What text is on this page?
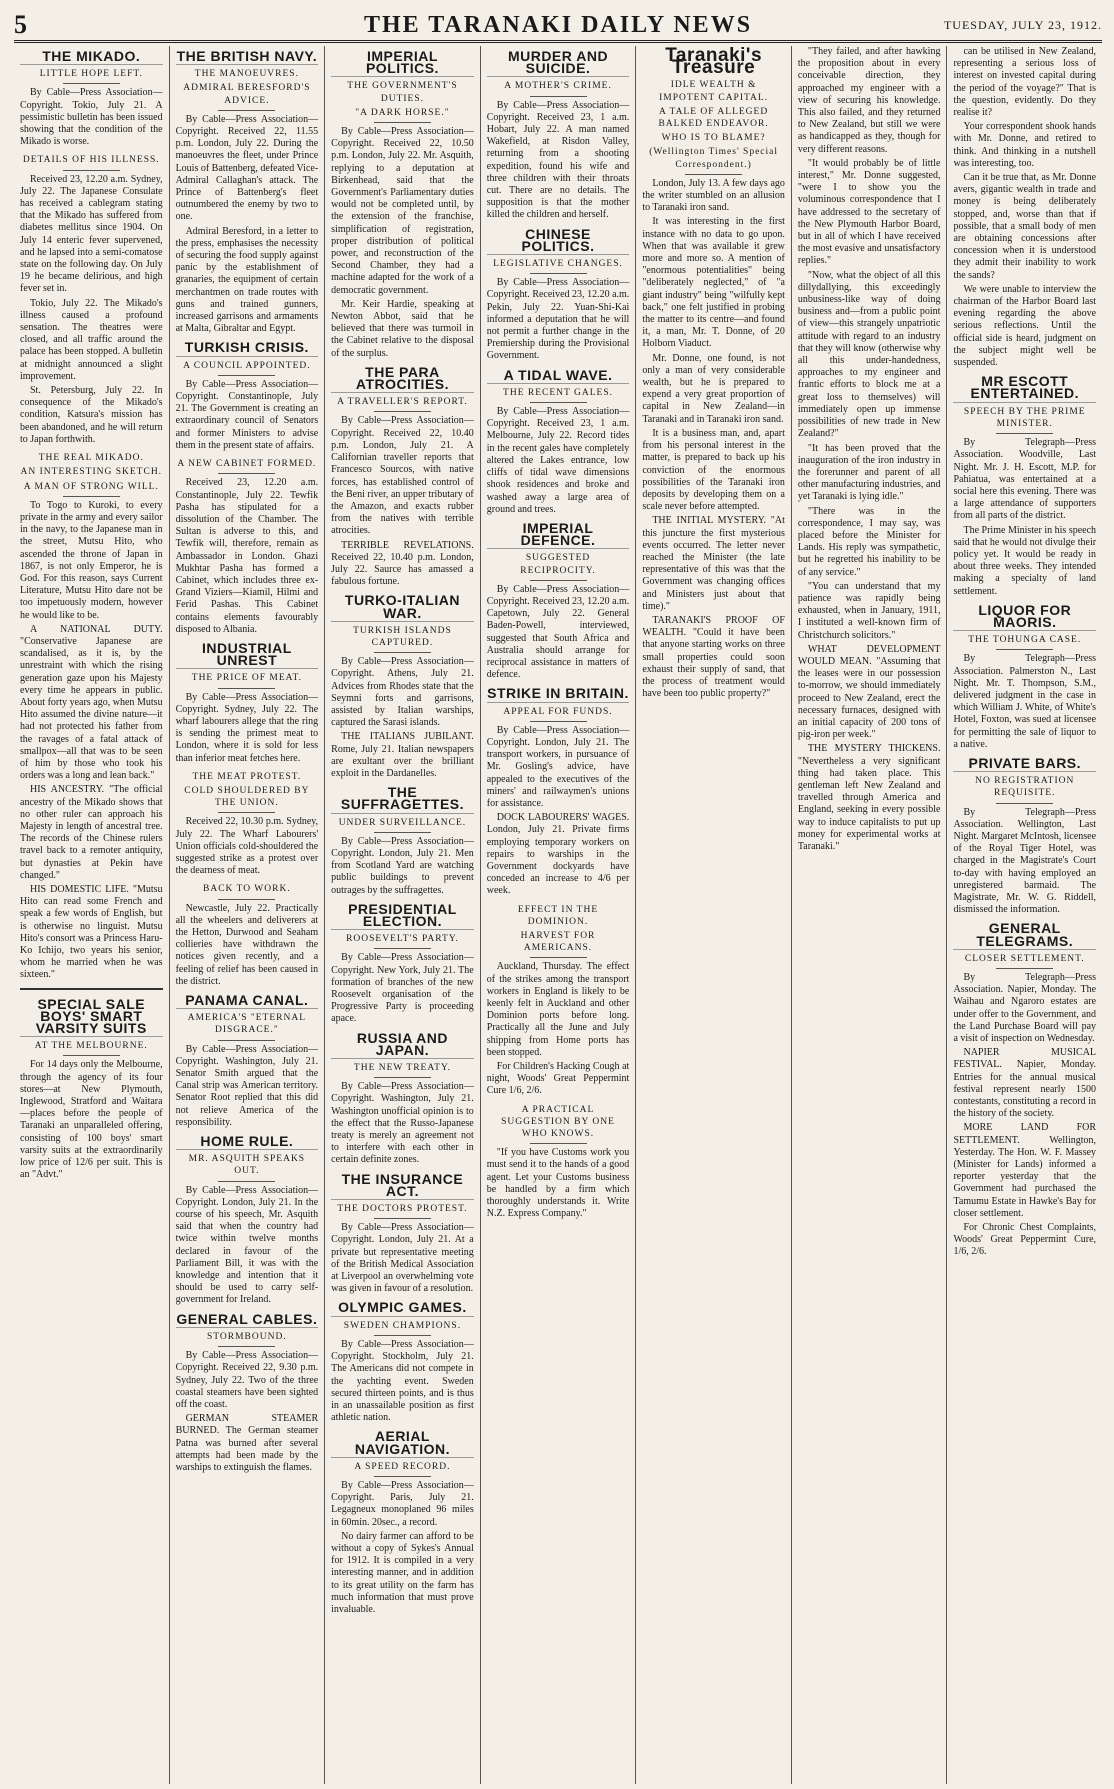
5	THE TARANAKI DAILY NEWS	TUESDAY, JULY 23, 1912.
THE MIKADO.
LITTLE HOPE LEFT.

By Cable—Press Association—Copyright. Tokio, July 21. A pessimistic bulletin has been issued showing that the condition of the Mikado is worse.

DETAILS OF HIS ILLNESS.

Received 23, 12.20 a.m. Sydney, July 22. The Japanese Consulate has received a cablegram stating that the Mikado has suffered from diabetes mellitus since 1904. On July 14 enteric fever supervened, and he lapsed into a semi-comatose state on the following day. On July 19 he became delirious, and high fever set in.

Tokio, July 22. The Mikado's illness caused a profound sensation. The theatres were closed, and all traffic around the palace has been stopped. A bulletin at midnight announced a slight improvement.

St. Petersburg, July 22. In consequence of the Mikado's condition, Katsura's mission has been abandoned, and he will return to Japan forthwith.

THE REAL MIKADO.
AN INTERESTING SKETCH.
A MAN OF STRONG WILL.

To Togo to Kuroki, to every private in the army and every sailor in the navy, to the Japanese man in the street, Mutsu Hito, who ascended the throne of Japan in 1867, is not only Emperor, he is God. For this reason, says Current Literature, Mutsu Hito dare not be too impetuously modern, however he would like to be.

A NATIONAL DUTY. "Conservative Japanese are scandalised, as it is, by the unrestraint with which the rising generation gaze upon his Majesty every time he appears in public. About forty years ago, when Mutsu Hito assumed the divine nature—it had not protected his father from the ravages of a fatal attack of smallpox—all that was to be seen of him by those who took his orders was a long and lean back."

HIS ANCESTRY. "The official ancestry of the Mikado shows that no other ruler can approach his Majesty in length of ancestral tree. The records of the Chinese rulers travel back to a remoter antiquity, but dynasties at Pekin have changed."

HIS DOMESTIC LIFE. "Mutsu Hito can read some French and speak a few words of English, but is otherwise no linguist. Mutsu Hito's consort was a Princess Haru-Ko Ichijo, two years his senior, whom he married when he was sixteen."

SPECIAL SALE BOYS' SMART VARSITY SUITS
AT THE MELBOURNE.

For 14 days only the Melbourne, through the agency of its four stores—at New Plymouth, Inglewood, Stratford and Waitara—places before the people of Taranaki an unparalleled offering, consisting of 100 boys' smart varsity suits at the extraordinarily low price of 12/6 per suit. This is an "Advt."

THE BRITISH NAVY.
THE MANOEUVRES.
ADMIRAL BERESFORD'S ADVICE.

By Cable—Press Association—Copyright. Received 22, 11.55 p.m. London, July 22. During the manoeuvres the fleet, under Prince Louis of Battenberg, defeated Vice-Admiral Callaghan's attack. The Prince of Battenberg's fleet outnumbered the enemy by two to one.

Admiral Beresford, in a letter to the press, emphasises the necessity of securing the food supply against panic by the establishment of granaries, the equipment of certain merchantmen on trade routes with guns and trained gunners, increased garrisons and armaments at Malta, Gibraltar and Egypt.

TURKISH CRISIS.
A COUNCIL APPOINTED.

By Cable—Press Association—Copyright. Constantinople, July 21. The Government is creating an extraordinary council of Senators and former Ministers to advise them in the present state of affairs.

A NEW CABINET FORMED.

Received 23, 12.20 a.m. Constantinople, July 22. Tewfik Pasha has stipulated for a dissolution of the Chamber. The Sultan is adverse to this, and Tewfik will, therefore, remain as Ambassador in London. Ghazi Mukhtar Pasha has formed a Cabinet, which includes three ex-Grand Viziers—Kiamil, Hilmi and Ferid Pashas. This Cabinet contains elements favourably disposed to Albania.

INDUSTRIAL UNREST
THE PRICE OF MEAT.

By Cable—Press Association—Copyright. Sydney, July 22. The wharf labourers allege that the ring is sending the primest meat to London, where it is sold for less than inferior meat fetches here.

THE MEAT PROTEST.
COLD SHOULDERED BY THE UNION.

Received 22, 10.30 p.m. Sydney, July 22. The Wharf Labourers' Union officials cold-shouldered the suggested strike as a protest over the dearness of meat.

BACK TO WORK.

Newcastle, July 22. Practically all the wheelers and deliverers at the Hetton, Durwood and Seaham collieries have withdrawn the notices given recently, and a feeling of relief has been caused in the district.

PANAMA CANAL.
AMERICA'S "ETERNAL DISGRACE."

By Cable—Press Association—Copyright. Washington, July 21. Senator Smith argued that the Canal strip was American territory. Senator Root replied that this did not relieve America of the responsibility.

HOME RULE.
MR. ASQUITH SPEAKS OUT.

By Cable—Press Association—Copyright. London, July 21. In the course of his speech, Mr. Asquith said that when the country had twice within twelve months declared in favour of the Parliament Bill, it was with the knowledge and intention that it should be used to carry self-government for Ireland.

GENERAL CABLES.
STORMBOUND.

By Cable—Press Association—Copyright. Received 22, 9.30 p.m. Sydney, July 22. Two of the three coastal steamers have been sighted off the coast.

GERMAN STEAMER BURNED. The German steamer Patna was burned after several attempts had been made by the warships to extinguish the flames.

IMPERIAL POLITICS.
THE GOVERNMENT'S DUTIES.
"A DARK HORSE."

By Cable—Press Association—Copyright. Received 22, 10.50 p.m. London, July 22. Mr. Asquith, replying to a deputation at Birkenhead, said that the Government's Parliamentary duties would not be completed until, by the extension of the franchise, simplification of registration, proper distribution of political power, and reconstruction of the Second Chamber, they had a machine adapted for the work of a democratic government.

Mr. Keir Hardie, speaking at Newton Abbot, said that he believed that there was turmoil in the Cabinet relative to the disposal of the surplus.

THE PARA ATROCITIES.
A TRAVELLER'S REPORT.

By Cable—Press Association—Copyright. Received 22, 10.40 p.m. London, July 21. A Californian traveller reports that Francesco Sourcos, with native forces, has established control of the Beni river, an upper tributary of the Amazon, and exacts rubber from the natives with terrible atrocities.

TERRIBLE REVELATIONS. Received 22, 10.40 p.m. London, July 22. Saurce has amassed a fabulous fortune.

TURKO-ITALIAN WAR.
TURKISH ISLANDS CAPTURED.

By Cable—Press Association—Copyright. Athens, July 21. Advices from Rhodes state that the Seymni forts and garrisons, assisted by Italian warships, captured the Sarasi islands.

THE ITALIANS JUBILANT. Rome, July 21. Italian newspapers are exultant over the brilliant exploit in the Dardanelles.

THE SUFFRAGETTES.
UNDER SURVEILLANCE.

By Cable—Press Association—Copyright. London, July 21. Men from Scotland Yard are watching public buildings to prevent outrages by the suffragettes.

PRESIDENTIAL ELECTION.
ROOSEVELT'S PARTY.

By Cable—Press Association—Copyright. New York, July 21. The formation of branches of the new Roosevelt organisation of the Progressive Party is proceeding apace.

RUSSIA AND JAPAN.
THE NEW TREATY.

By Cable—Press Association—Copyright. Washington, July 21. Washington unofficial opinion is to the effect that the Russo-Japanese treaty is merely an agreement not to interfere with each other in certain definite zones.

THE INSURANCE ACT.
THE DOCTORS PROTEST.

By Cable—Press Association—Copyright. London, July 21. At a private but representative meeting of the British Medical Association at Liverpool an overwhelming vote was given in favour of a resolution.

OLYMPIC GAMES.
SWEDEN CHAMPIONS.

By Cable—Press Association—Copyright. Stockholm, July 21. The Americans did not compete in the yachting event. Sweden secured thirteen points, and is thus in an unassailable position as first athletic nation.

AERIAL NAVIGATION.
A SPEED RECORD.

By Cable—Press Association—Copyright. Paris, July 21. Legagneux monoplaned 96 miles in 60min. 20sec., a record.

No dairy farmer can afford to be without a copy of Sykes's Annual for 1912. It is compiled in a very interesting manner, and in addition to its great utility on the farm has much information that must prove invaluable.

MURDER AND SUICIDE.
A MOTHER'S CRIME.

By Cable—Press Association—Copyright. Received 23, 1 a.m. Hobart, July 22. A man named Wakefield, at Risdon Valley, returning from a shooting expedition, found his wife and three children with their throats cut. There are no details. The supposition is that the mother killed the children and herself.

CHINESE POLITICS.
LEGISLATIVE CHANGES.

By Cable—Press Association—Copyright. Received 23, 12.20 a.m. Pekin, July 22. Yuan-Shi-Kai informed a deputation that he will not permit a further change in the Premiership during the Provisional Government.

A TIDAL WAVE.
THE RECENT GALES.

By Cable—Press Association—Copyright. Received 23, 1 a.m. Melbourne, July 22. Record tides in the recent gales have completely altered the Lakes entrance, low cliffs of tidal wave dimensions shook residences and broke and washed away a large area of ground and trees.

IMPERIAL DEFENCE.
SUGGESTED RECIPROCITY.

By Cable—Press Association—Copyright. Received 23, 12.20 a.m. Capetown, July 22. General Baden-Powell, interviewed, suggested that South Africa and Australia should arrange for reciprocal assistance in matters of defence.

STRIKE IN BRITAIN.
APPEAL FOR FUNDS.

By Cable—Press Association—Copyright. London, July 21. The transport workers, in pursuance of Mr. Gosling's advice, have appealed to the executives of the miners' and railwaymen's unions for assistance.

DOCK LABOURERS' WAGES. London, July 21. Private firms employing temporary workers on repairs to warships in the Government dockyards have conceded an increase to 4/6 per week.

EFFECT IN THE DOMINION.
HARVEST FOR AMERICANS.

Auckland, Thursday. The effect of the strikes among the transport workers in England is likely to be keenly felt in Auckland and other Dominion ports before long. Practically all the June and July shipping from Home ports has been stopped.

For Children's Hacking Cough at night, Woods' Great Peppermint Cure 1/6, 2/6.

A PRACTICAL SUGGESTION BY ONE WHO KNOWS.

"If you have Customs work you must send it to the hands of a good agent. Let your Customs business be handled by a firm which thoroughly understands it. Write N.Z. Express Company."

Taranaki's Treasure
IDLE WEALTH & IMPOTENT CAPITAL.
A TALE OF ALLEGED BALKED ENDEAVOR.
WHO IS TO BLAME?
(Wellington Times' Special Correspondent.)

London, July 13. A few days ago the writer stumbled on an allusion to Taranaki iron sand.

It was interesting in the first instance with no data to go upon. When that was available it grew more and more so. A mention of "enormous potentialities" being "deliberately neglected," of "a giant industry" being "wilfully kept back," one felt justified in probing the matter to its centre—and found it, a man, Mr. T. Donne, of 20 Holborn Viaduct.

Mr. Donne, one found, is not only a man of very considerable wealth, but he is prepared to expend a very great proportion of capital in New Zealand—in Taranaki and in Taranaki iron sand.

It is a business man, and, apart from his personal interest in the matter, is prepared to back up his conviction of the enormous possibilities of the Taranaki iron deposits by developing them on a scale never before attempted.

THE INITIAL MYSTERY. "At this juncture the first mysterious events occurred. The letter never reached the Minister (the late representative of this was that the Government was changing offices and Ministers just about that time)."

TARANAKI'S PROOF OF WEALTH. "Could it have been that anyone starting works on three small properties could soon exhaust their supply of sand, that the process of treatment would have been too public property?"

"They failed, and after hawking the proposition about in every conceivable direction, they approached my engineer with a view of securing his knowledge. This also failed, and they returned to New Zealand, but still we were as handicapped as they, though for very different reasons.

"It would probably be of little interest," Mr. Donne suggested, "were I to show you the voluminous correspondence that I have addressed to the secretary of the New Plymouth Harbor Board, but in all of which I have received the most evasive and unsatisfactory replies."

"Now, what the object of all this dillydallying, this exceedingly unbusiness-like way of doing business and—from a public point of view—this strangely unpatriotic attitude with regard to an industry that they will know (otherwise why all this under-handedness, approaches to my engineer and frantic efforts to block me at a great loss to themselves) will immediately open up immense possibilities of new trade in New Zealand?"

"It has been proved that the inauguration of the iron industry in the forerunner and parent of all other manufacturing industries, and yet Taranaki is lying idle."

"There was in the correspondence, I may say, was placed before the Minister for Lands. His reply was sympathetic, but he regretted his inability to be of any service."

"You can understand that my patience was rapidly being exhausted, when in January, 1911, I instituted a well-known firm of Christchurch solicitors."

WHAT DEVELOPMENT WOULD MEAN. "Assuming that the leases were in our possession to-morrow, we should immediately proceed to New Zealand, erect the necessary furnaces, designed with an initial capacity of 200 tons of pig-iron per week."

THE MYSTERY THICKENS. "Nevertheless a very significant thing had taken place. This gentleman left New Zealand and travelled through America and England, seeking in every possible way to induce capitalists to put up money for experimental works at Taranaki."

can be utilised in New Zealand, representing a serious loss of interest on invested capital during the period of the voyage?" That is the question, evidently. Do they realise it?

Your correspondent shook hands with Mr. Donne, and retired to think. And thinking in a nutshell was interesting, too.

Can it be true that, as Mr. Donne avers, gigantic wealth in trade and money is being deliberately stopped, and, worse than that if possible, that a small body of men are obtaining concessions after concession when it is understood they admit their inability to work the sands?

We were unable to interview the chairman of the Harbor Board last evening regarding the above serious reflections. Until the official side is heard, judgment on the subject might well be suspended.

MR ESCOTT ENTERTAINED.
SPEECH BY THE PRIME MINISTER.

By Telegraph—Press Association. Woodville, Last Night. Mr. J. H. Escott, M.P. for Pahiatua, was entertained at a social here this evening. There was a large attendance of supporters from all parts of the district.

The Prime Minister in his speech said that he would not divulge their policy yet. It would be ready in about three weeks. They intended making a specialty of land settlement.

LIQUOR FOR MAORIS.
THE TOHUNGA CASE.

By Telegraph—Press Association. Palmerston N., Last Night. Mr. T. Thompson, S.M., delivered judgment in the case in which William J. White, of White's Hotel, Foxton, was sued at licensee for permitting the sale of liquor to a native.

PRIVATE BARS.
NO REGISTRATION REQUISITE.

By Telegraph—Press Association. Wellington, Last Night. Margaret McIntosh, licensee of the Royal Tiger Hotel, was charged in the Magistrate's Court to-day with having employed an unregistered barmaid. The Magistrate, Mr. W. G. Riddell, dismissed the information.

GENERAL TELEGRAMS.
CLOSER SETTLEMENT.

By Telegraph—Press Association. Napier, Monday. The Waihau and Ngaroro estates are under offer to the Government, and the Land Purchase Board will pay a visit of inspection on Wednesday.

NAPIER MUSICAL FESTIVAL. Napier, Monday. Entries for the annual musical festival represent nearly 1500 contestants, constituting a record in the history of the society.

MORE LAND FOR SETTLEMENT. Wellington, Yesterday. The Hon. W. F. Massey (Minister for Lands) informed a reporter yesterday that the Government had purchased the Tamumu Estate in Hawke's Bay for closer settlement.

For Chronic Chest Complaints, Woods' Great Peppermint Cure, 1/6, 2/6.
